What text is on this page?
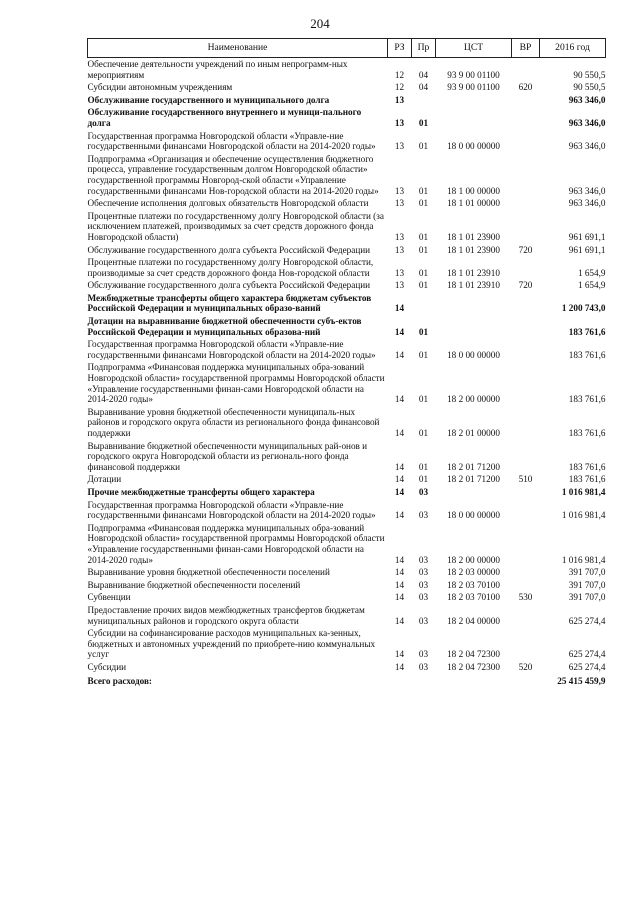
204
Наименование	РЗ	Пр	ЦСТ	ВР	2016 год
Обеспечение деятельности учреждений по иным непрограмм-ных мероприятиям	12	04	93 9 00 01100		90 550,5
Субсидии автономным учреждениям	12	04	93 9 00 01100	620	90 550,5
Обслуживание государственного и муниципального долга	13				963 346,0
Обслуживание государственного внутреннего и муници-пального долга	13	01			963 346,0
Государственная программа Новгородской области «Управле-ние государственными финансами Новгородской области на 2014-2020 годы»	13	01	18 0 00 00000		963 346,0
Подпрограмма «Организация и обеспечение осуществления бюджетного процесса, управление государственным долгом Новгородской области» государственной программы Новгород-ской области «Управление государственными финансами Нов-городской области на 2014-2020 годы»	13	01	18 1 00 00000		963 346,0
Обеспечение исполнения долговых обязательств Новгородской области	13	01	18 1 01 00000		963 346,0
Процентные платежи по государственному долгу Новгородской области (за исключением платежей, производимых за счет средств дорожного фонда Новгородской области)	13	01	18 1 01 23900		961 691,1
Обслуживание государственного долга субъекта Российской Федерации	13	01	18 1 01 23900	720	961 691,1
Процентные платежи по государственному долгу Новгородской области, производимые за счет средств дорожного фонда Нов-городской области	13	01	18 1 01 23910		1 654,9
Обслуживание государственного долга субъекта Российской Федерации	13	01	18 1 01 23910	720	1 654,9
Межбюджетные трансферты общего характера бюджетам субъектов Российской Федерации и муниципальных образо-ваний	14				1 200 743,0
Дотации на выравнивание бюджетной обеспеченности субъ-ектов Российской Федерации и муниципальных образова-ний	14	01			183 761,6
Государственная программа Новгородской области «Управле-ние государственными финансами Новгородской области на 2014-2020 годы»	14	01	18 0 00 00000		183 761,6
Подпрограмма «Финансовая поддержка муниципальных обра-зований Новгородской области» государственной программы Новгородской области «Управление государственными финан-сами Новгородской области на 2014-2020 годы»	14	01	18 2 00 00000		183 761,6
Выравнивание уровня бюджетной обеспеченности муниципаль-ных районов и городского округа области из регионального фонда финансовой поддержки	14	01	18 2 01 00000		183 761,6
Выравнивание бюджетной обеспеченности муниципальных рай-онов и городского округа Новгородской области из региональ-ного фонда финансовой поддержки	14	01	18 2 01 71200		183 761,6
Дотации	14	01	18 2 01 71200	510	183 761,6
Прочие межбюджетные трансферты общего характера	14	03			1 016 981,4
Государственная программа Новгородской области «Управле-ние государственными финансами Новгородской области на 2014-2020 годы»	14	03	18 0 00 00000		1 016 981,4
Подпрограмма «Финансовая поддержка муниципальных обра-зований Новгородской области» государственной программы Новгородской области «Управление государственными финан-сами Новгородской области на 2014-2020 годы»	14	03	18 2 00 00000		1 016 981,4
Выравнивание уровня бюджетной обеспеченности поселений	14	03	18 2 03 00000		391 707,0
Выравнивание бюджетной обеспеченности поселений	14	03	18 2 03 70100		391 707,0
Субвенции	14	03	18 2 03 70100	530	391 707,0
Предоставление прочих видов межбюджетных трансфертов бюджетам муниципальных районов и городского округа области	14	03	18 2 04 00000		625 274,4
Субсидии на софинансирование расходов муниципальных ка-зенных, бюджетных и автономных учреждений по приобрете-нию коммунальных услуг	14	03	18 2 04 72300		625 274,4
Субсидии	14	03	18 2 04 72300	520	625 274,4
Всего расходов:					25 415 459,9
